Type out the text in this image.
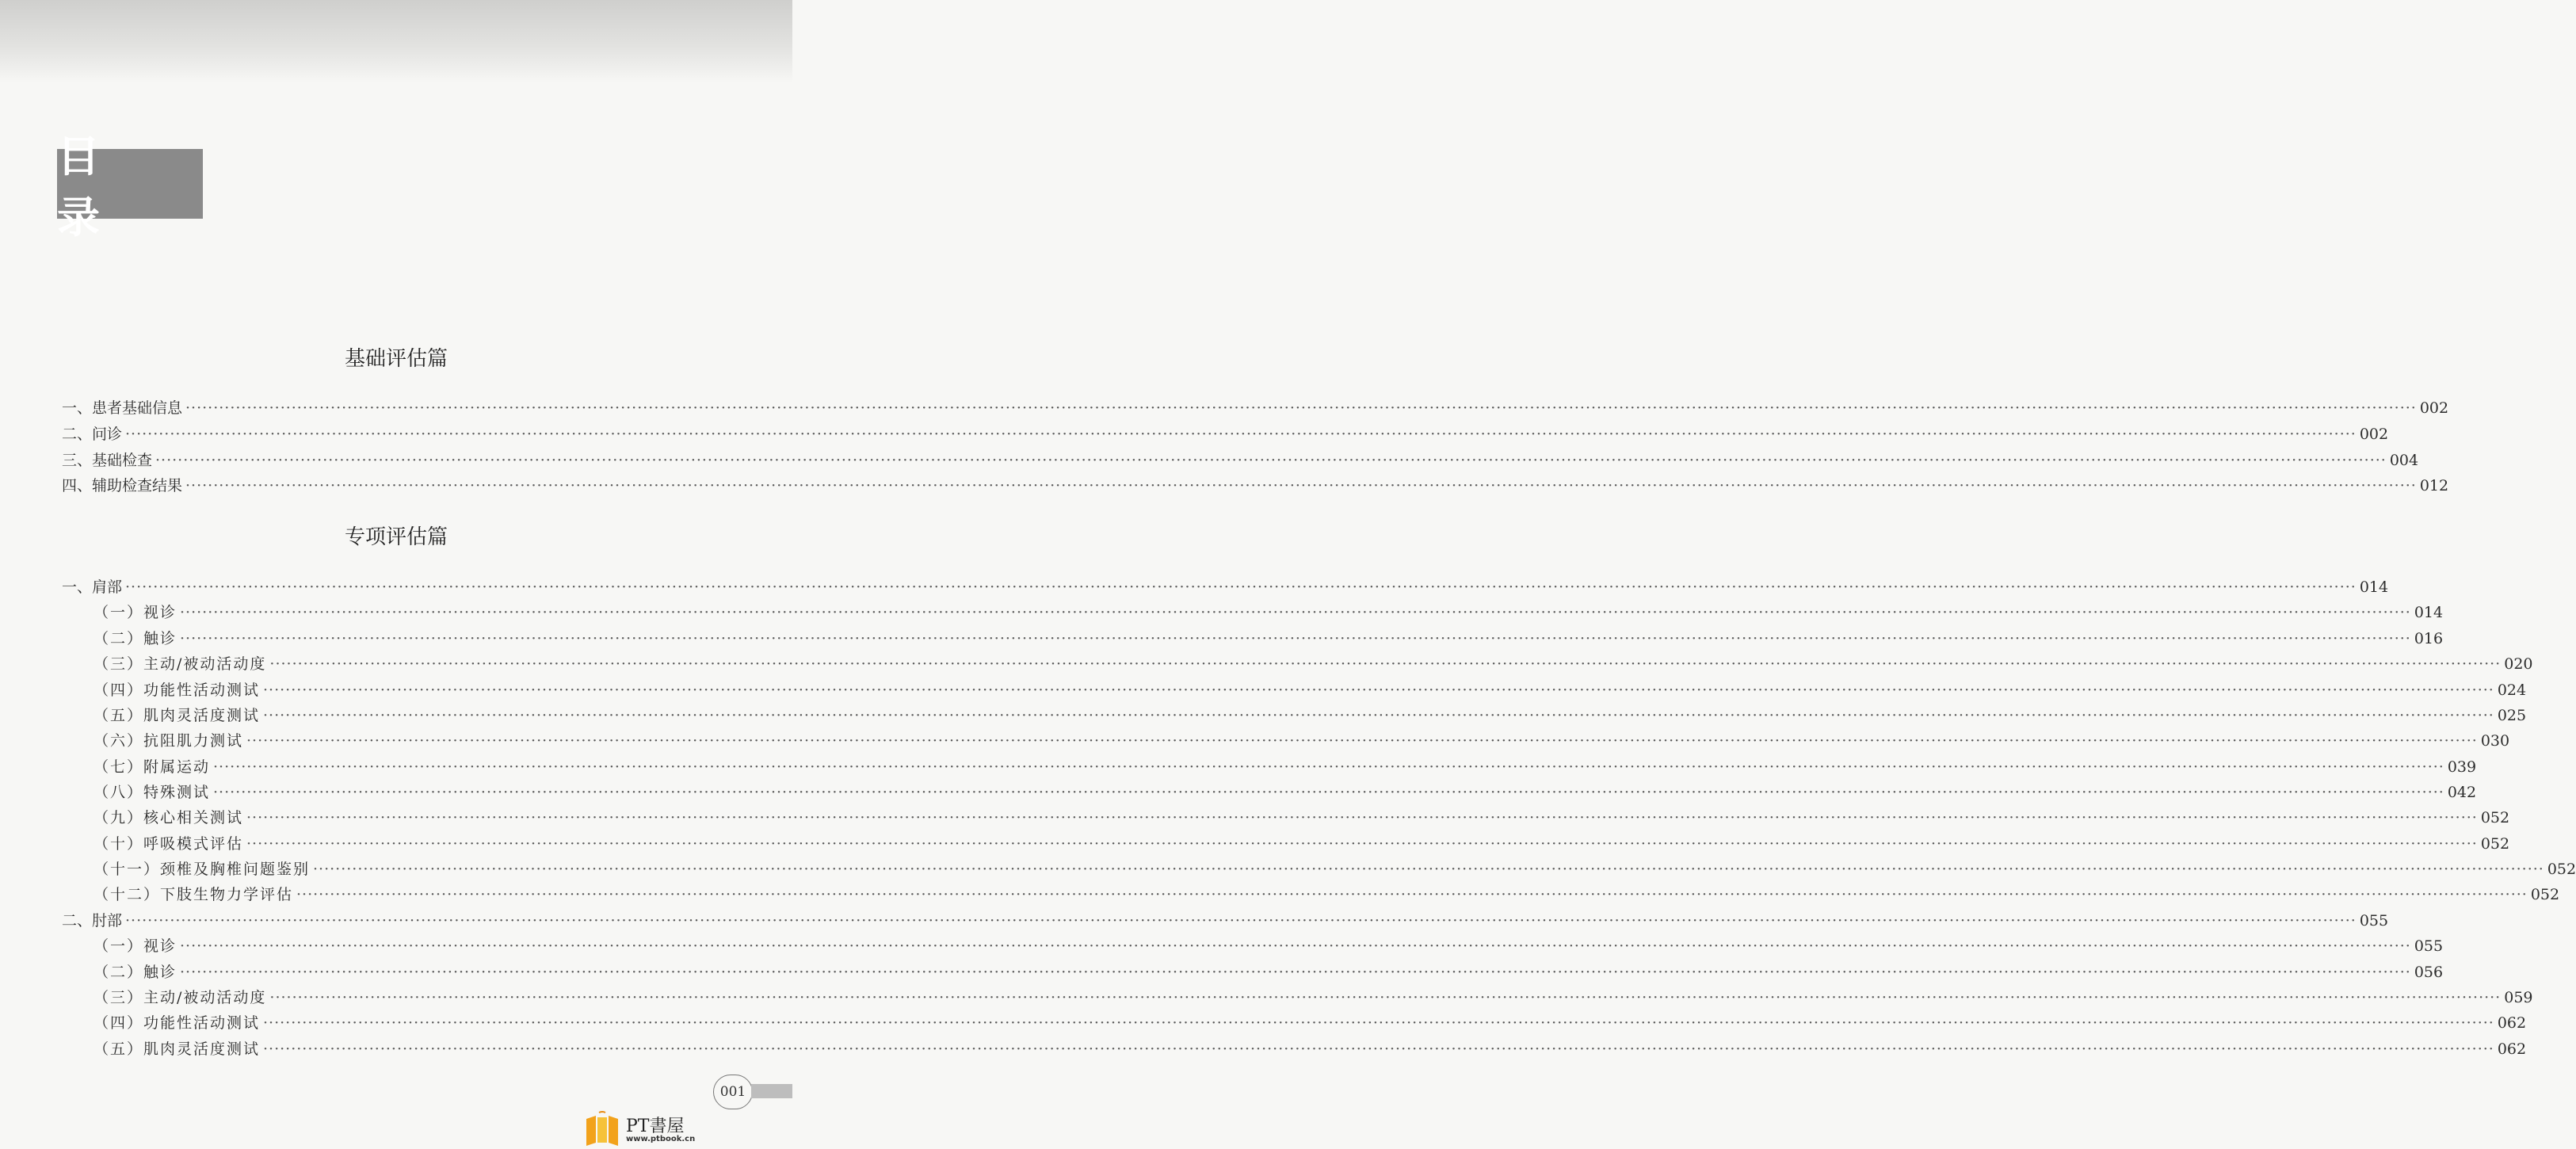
目　录
基础评估篇
一、患者基础信息 ················································································································································································································································································································································································································ 002
二、问诊 ················································································································································································································································································································································································································ 002
三、基础检查 ················································································································································································································································································································································································································ 004
四、辅助检查结果 ················································································································································································································································································································································································································ 012
专项评估篇
一、肩部 ················································································································································································································································································································································································································ 014
（一）视诊 ················································································································································································································································································································································································································ 014
（二）触诊 ················································································································································································································································································································································································································ 016
（三）主动/被动活动度 ················································································································································································································································································································································································································ 020
（四）功能性活动测试 ················································································································································································································································································································································································································ 024
（五）肌肉灵活度测试 ················································································································································································································································································································································································································ 025
（六）抗阻肌力测试 ················································································································································································································································································································································································································ 030
（七）附属运动 ················································································································································································································································································································································································································ 039
（八）特殊测试 ················································································································································································································································································································································································································ 042
（九）核心相关测试 ················································································································································································································································································································································································································ 052
（十）呼吸模式评估 ················································································································································································································································································································································································································ 052
（十一）颈椎及胸椎问题鉴别 ················································································································································································································································································································································································································ 052
（十二）下肢生物力学评估 ················································································································································································································································································································································································································ 052
二、肘部 ················································································································································································································································································································································································································ 055
（一）视诊 ················································································································································································································································································································································································································ 055
（二）触诊 ················································································································································································································································································································································································································ 056
（三）主动/被动活动度 ················································································································································································································································································································································································································ 059
（四）功能性活动测试 ················································································································································································································································································································································································································ 062
（五）肌肉灵活度测试 ················································································································································································································································································································································································································ 062
001
PT書屋
www.ptbook.cn
